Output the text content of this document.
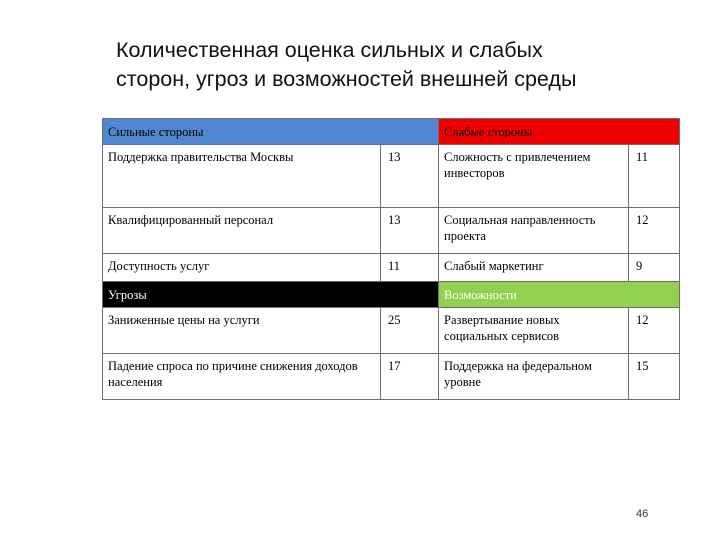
Количественная оценка сильных и слабых
сторон, угроз и возможностей внешней среды
Сильные стороны		Слабые стороны	
Поддержка правительства Москвы	13	Сложность с привлечением инвесторов	11
Квалифицированный персонал	13	Социальная направленность проекта	12
Доступность услуг	11	Слабый маркетинг	9
Угрозы		Возможности	
Заниженные цены на услуги	25	Развертывание новых социальных сервисов	12
Падение спроса по причине снижения доходов населения	17	Поддержка на федеральном уровне	15
46
